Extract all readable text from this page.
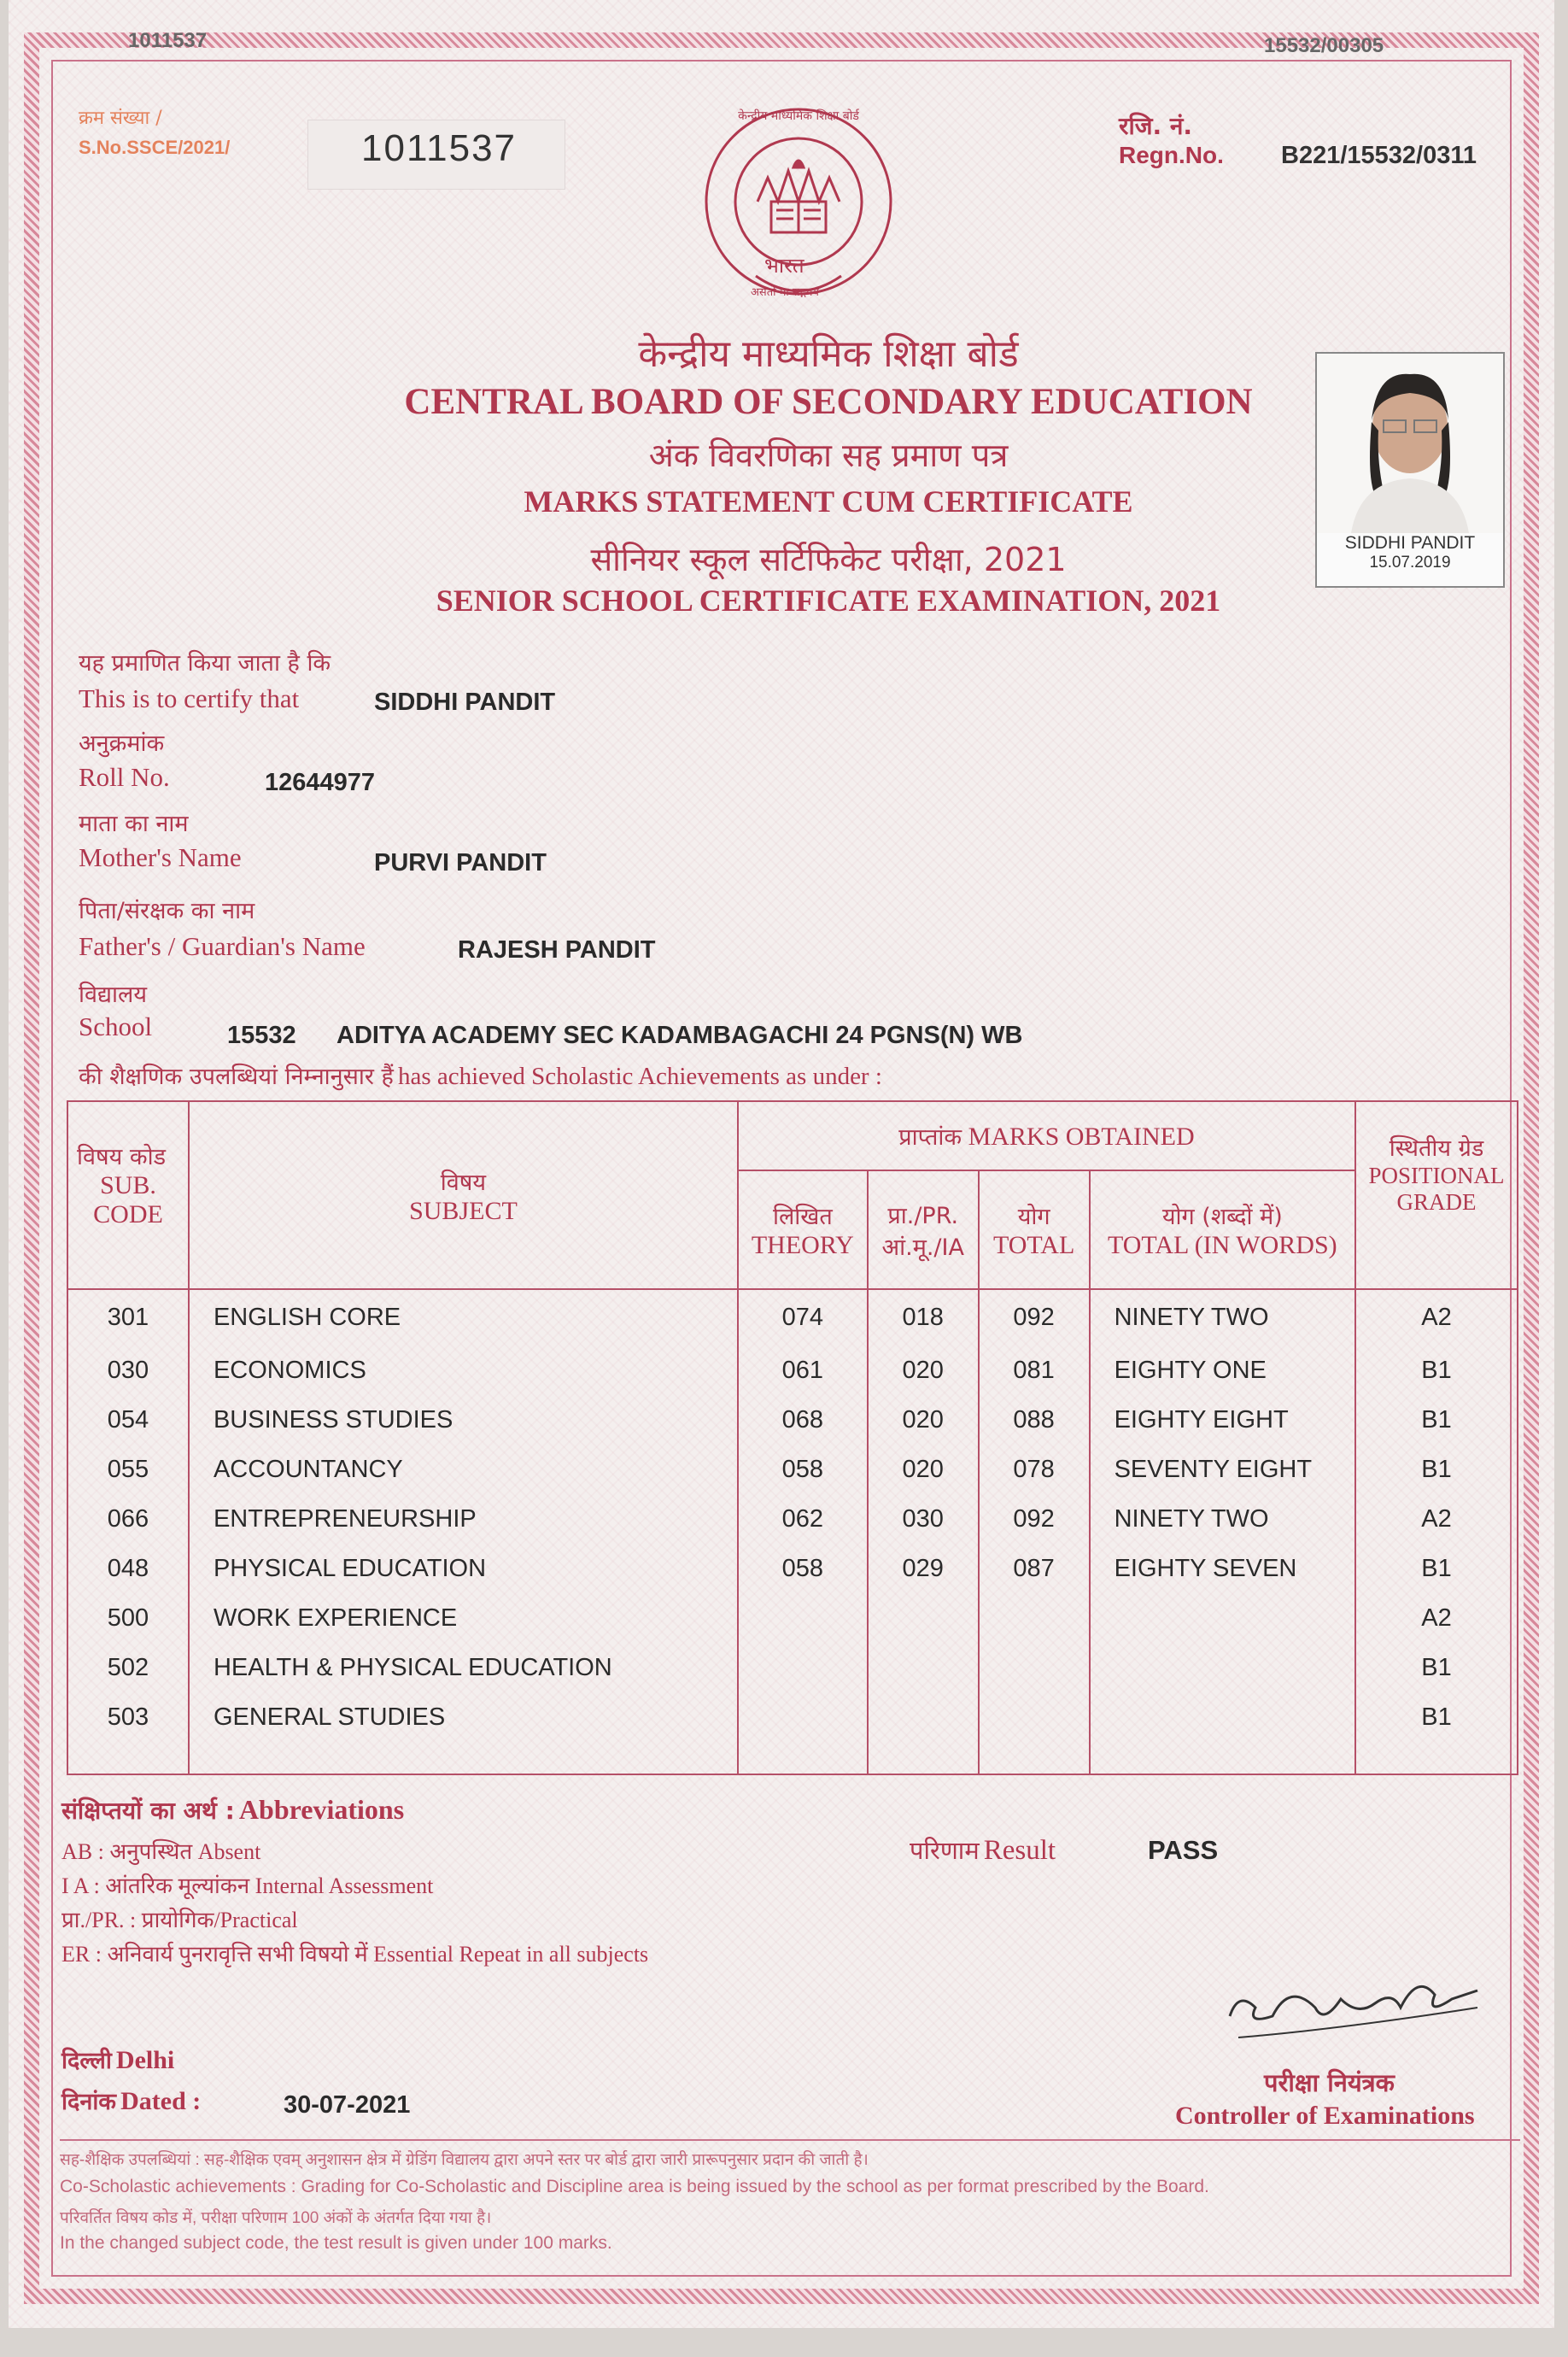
1011537	15532/00305
क्रम संख्या /
S.No.SSCE/2021/	1011537
रजि. नं.
Regn.No. B221/15532/0311
भारत
असतो मा सद्गमय
केन्द्रीय माध्यमिक शिक्षा बोर्ड
केन्द्रीय माध्यमिक शिक्षा बोर्ड
CENTRAL BOARD OF SECONDARY EDUCATION
अंक विवरणिका सह प्रमाण पत्र
MARKS STATEMENT CUM CERTIFICATE
सीनियर स्कूल सर्टिफिकेट परीक्षा, 2021
SENIOR SCHOOL CERTIFICATE EXAMINATION, 2021
SIDDHI PANDIT
15.07.2019
यह प्रमाणित किया जाता है कि
This is to certify that	SIDDHI PANDIT
अनुक्रमांक
Roll No.	12644977
माता का नाम
Mother's Name	PURVI PANDIT
पिता/संरक्षक का नाम
Father's / Guardian's Name	RAJESH PANDIT
विद्यालय
School	15532 ADITYA ACADEMY SEC KADAMBAGACHI 24 PGNS(N) WB
की शैक्षणिक उपलब्धियां निम्नानुसार हैं has achieved Scholastic Achievements as under :
विषय कोड
SUB. CODE	विषय
SUBJECT	प्राप्तांक MARKS OBTAINED				स्थितीय ग्रेड
POSITIONAL GRADE

		लिखित
THEORY	प्रा./PR.
आं.मू./IA	योग
TOTAL	योग (शब्दों में)
TOTAL (IN WORDS)	

301	ENGLISH CORE	074	018	092	NINETY TWO	A2
030	ECONOMICS	061	020	081	EIGHTY ONE	B1
054	BUSINESS STUDIES	068	020	088	EIGHTY EIGHT	B1
055	ACCOUNTANCY	058	020	078	SEVENTY EIGHT	B1
066	ENTREPRENEURSHIP	062	030	092	NINETY TWO	A2
048	PHYSICAL EDUCATION	058	029	087	EIGHTY SEVEN	B1
500	WORK EXPERIENCE					A2
502	HEALTH & PHYSICAL EDUCATION					B1
503	GENERAL STUDIES					B1

संक्षिप्तयों का अर्थ : Abbreviations
AB : अनुपस्थित Absent
I A : आंतरिक मूल्यांकन Internal Assessment
प्रा./PR. : प्रायोगिक/Practical
ER : अनिवार्य पुनरावृत्ति सभी विषयो में Essential Repeat in all subjects
परिणाम Result	PASS
दिल्ली Delhi
दिनांक Dated :	30-07-2021
परीक्षा नियंत्रक
Controller of Examinations
सह-शैक्षिक उपलब्धियां : सह-शैक्षिक एवम् अनुशासन क्षेत्र में ग्रेडिंग विद्यालय द्वारा अपने स्तर पर बोर्ड द्वारा जारी प्रारूपनुसार प्रदान की जाती है।
Co-Scholastic achievements : Grading for Co-Scholastic and Discipline area is being issued by the school as per format prescribed by the Board.
परिवर्तित विषय कोड में, परीक्षा परिणाम 100 अंकों के अंतर्गत दिया गया है।
In the changed subject code, the test result is given under 100 marks.
